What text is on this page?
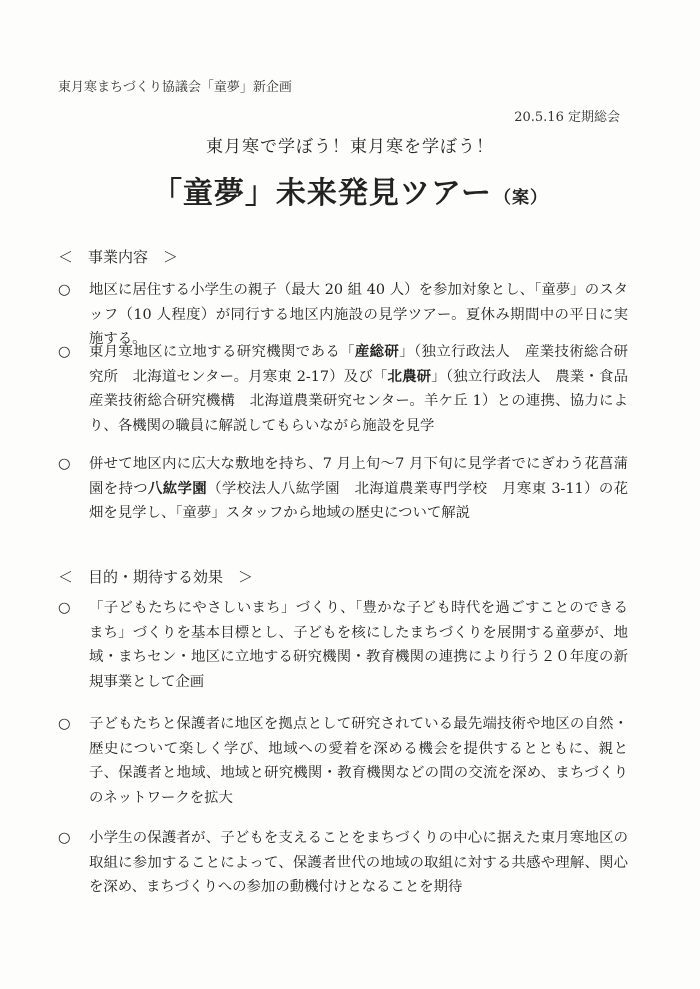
東月寒まちづくり協議会「童夢」新企画
20.5.16 定期総会
東月寒で学ぼう！東月寒を学ぼう！
「童夢」未来発見ツアー （案）
＜　事業内容　＞
○ 地区に居住する小学生の親子（最大 20 組 40 人）を参加対象とし、「童夢」のスタッフ（10 人程度）が同行する地区内施設の見学ツアー。夏休み期間中の平日に実施する。
○ 東月寒地区に立地する研究機関である「産総研」（独立行政法人　産業技術総合研究所　北海道センター。月寒東 2-17）及び「北農研」（独立行政法人　農業・食品産業技術総合研究機構　北海道農業研究センター。羊ケ丘 1）との連携、協力により、各機関の職員に解説してもらいながら施設を見学
○ 併せて地区内に広大な敷地を持ち、7 月上旬～7 月下旬に見学者でにぎわう花菖蒲園を持つ八紘学園（学校法人八紘学園　北海道農業専門学校　月寒東 3-11）の花畑を見学し、「童夢」スタッフから地域の歴史について解説
＜　目的・期待する効果　＞
○ 「子どもたちにやさしいまち」づくり、「豊かな子ども時代を過ごすことのできるまち」づくりを基本目標とし、子どもを核にしたまちづくりを展開する童夢が、地域・まちセン・地区に立地する研究機関・教育機関の連携により行う２０年度の新規事業として企画
○ 子どもたちと保護者に地区を拠点として研究されている最先端技術や地区の自然・歴史について楽しく学び、地域への愛着を深める機会を提供するとともに、親と子、保護者と地域、地域と研究機関・教育機関などの間の交流を深め、まちづくりのネットワークを拡大
○ 小学生の保護者が、子どもを支えることをまちづくりの中心に据えた東月寒地区の取組に参加することによって、保護者世代の地域の取組に対する共感や理解、関心を深め、まちづくりへの参加の動機付けとなることを期待
